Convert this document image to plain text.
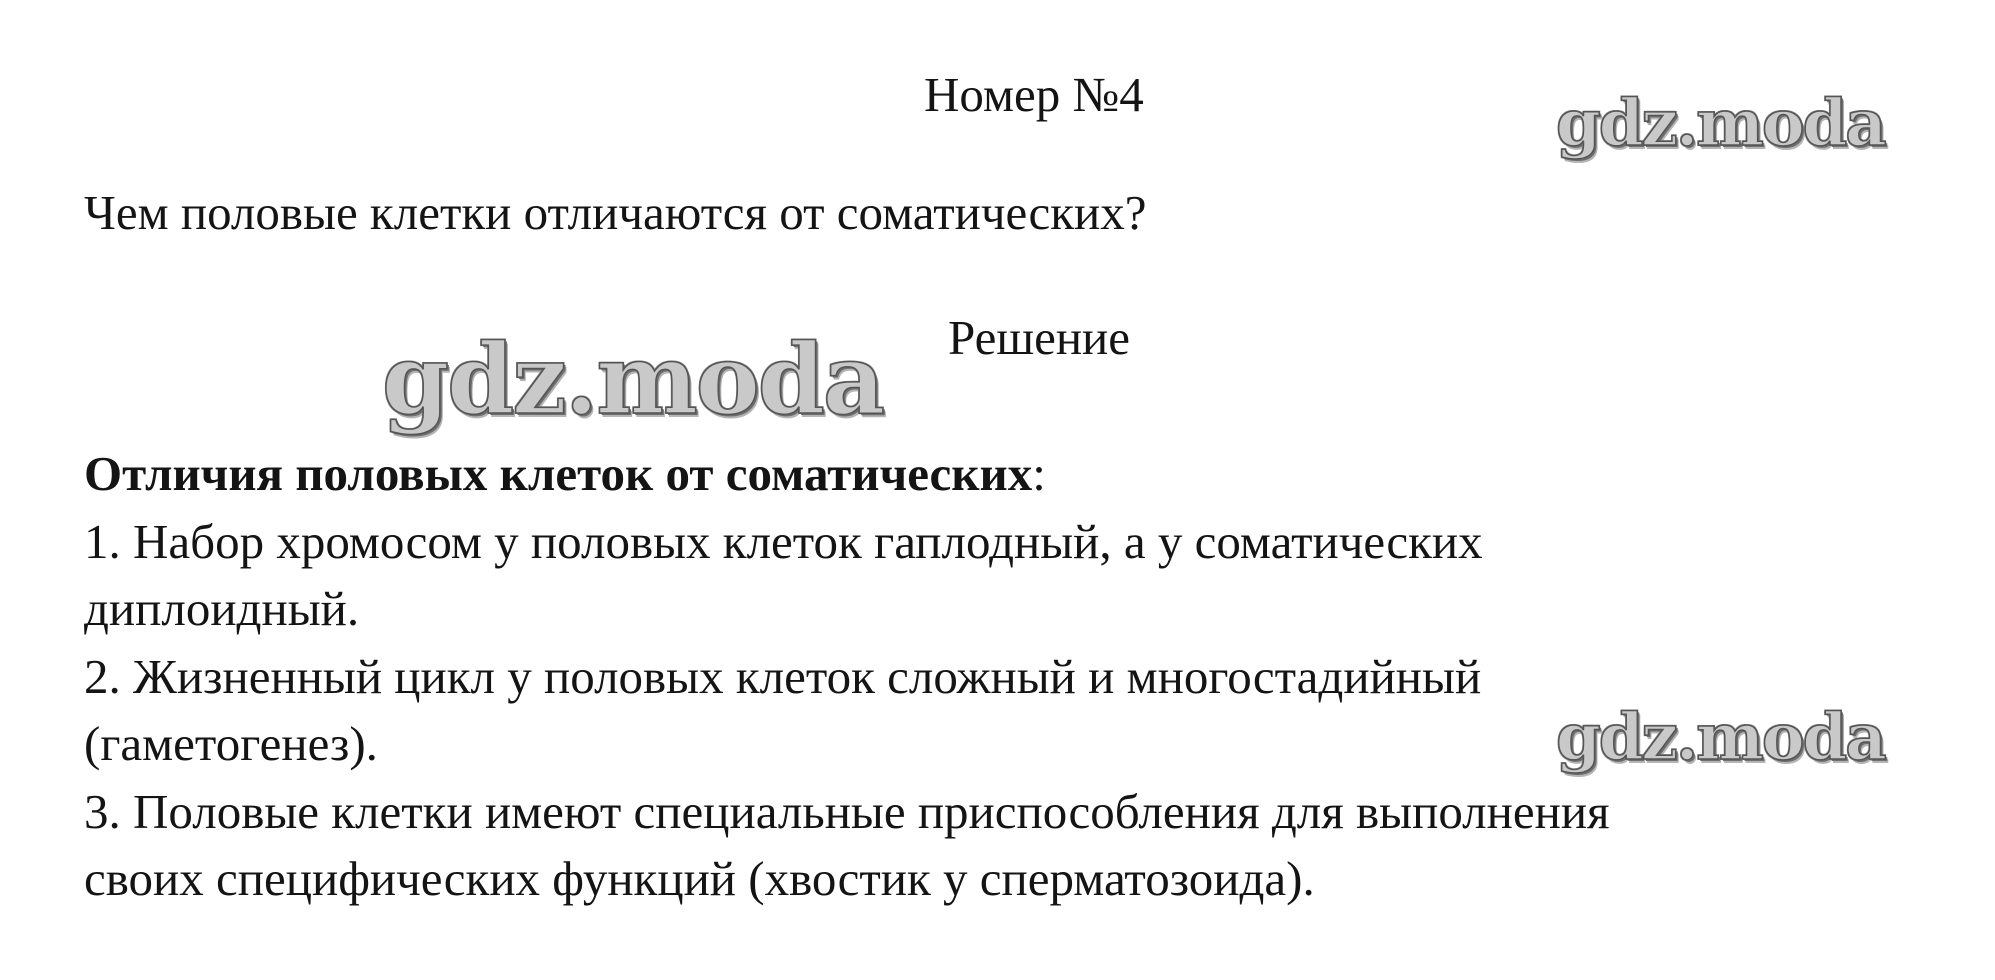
Номер №4	gdz.moda
Чем половые клетки отличаются от соматических?
gdz.moda Решение
Отличия половых клеток от соматических:
1. Набор хромосом у половых клеток гаплодный, а у соматических
диплоидный.
2. Жизненный цикл у половых клеток сложный и многостадийный
(гаметогенез).
3. Половые клетки имеют специальные приспособления для выполнения
своих специфических функций (хвостик у сперматозоида).
gdz.moda
